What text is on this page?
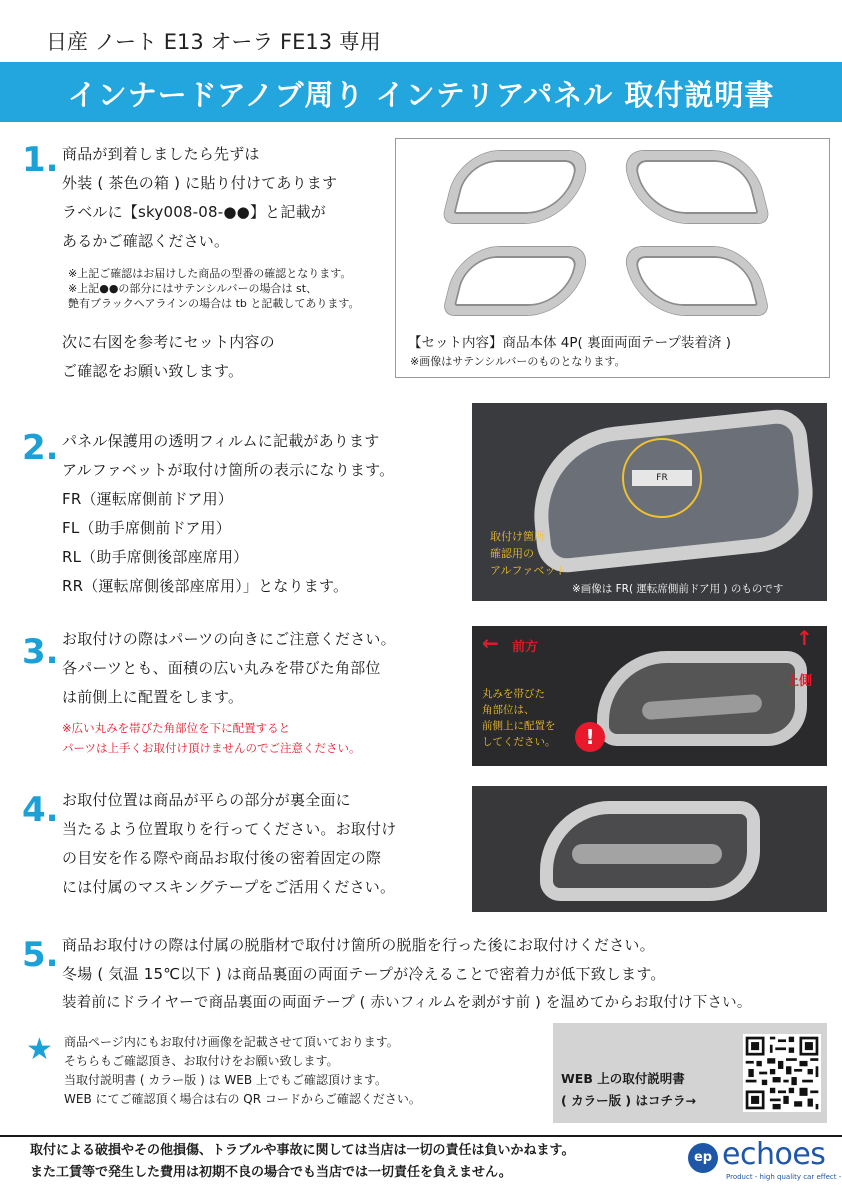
日産 ノート E13 オーラ FE13 専用
インナードアノブ周り インテリアパネル 取付説明書
1. 商品が到着しましたら先ずは
外装 ( 茶色の箱 ) に貼り付けてあります
ラベルに【sky008-08-●●】と記載が
あるかご確認ください。
※上記ご確認はお届けした商品の型番の確認となります。
※上記●●の部分にはサテンシルバーの場合は st、
艶有ブラックヘアラインの場合は tb と記載してあります。
次に右図を参考にセット内容の
ご確認をお願い致します。
【セット内容】商品本体 4P( 裏面両面テープ装着済 )
※画像はサテンシルバーのものとなります。
2. パネル保護用の透明フィルムに記載があります
アルファベットが取付け箇所の表示になります。
FR（運転席側前ドア用）
FL（助手席側前ドア用）
RL（助手席側後部座席用）
RR（運転席側後部座席用）」となります。
FR
取付け箇所
確認用の
アルファベット
※画像は FR( 運転席側前ドア用 ) のものです
3. お取付けの際はパーツの向きにご注意ください。
各パーツとも、面積の広い丸みを帯びた角部位
は前側上に配置をします。
※広い丸みを帯びた角部位を下に配置すると
パーツは上手くお取付け頂けませんのでご注意ください。
← 前方	↑
上側
丸みを帯びた
角部位は、
前側上に配置を
してください。	!
4. お取付位置は商品が平らの部分が裏全面に
当たるよう位置取りを行ってください。お取付け
の目安を作る際や商品お取付後の密着固定の際
には付属のマスキングテープをご活用ください。
5. 商品お取付けの際は付属の脱脂材で取付け箇所の脱脂を行った後にお取付けください。
冬場 ( 気温 15℃以下 ) は商品裏面の両面テープが冷えることで密着力が低下致します。
装着前にドライヤーで商品裏面の両面テープ ( 赤いフィルムを剥がす前 ) を温めてからお取付け下さい。
★ 商品ページ内にもお取付け画像を記載させて頂いております。
そちらもご確認頂き、お取付けをお願い致します。
当取付説明書 ( カラー版 ) は WEB 上でもご確認頂けます。
WEB にてご確認頂く場合は右の QR コードからご確認ください。
WEB 上の取付説明書
( カラー版 ) はコチラ→
取付による破損やその他損傷、トラブルや事故に関しては当店は一切の責任は負いかねます。
また工賃等で発生した費用は初期不良の場合でも当店では一切責任を負えません。
ep echoes
Product - high quality car effect -
